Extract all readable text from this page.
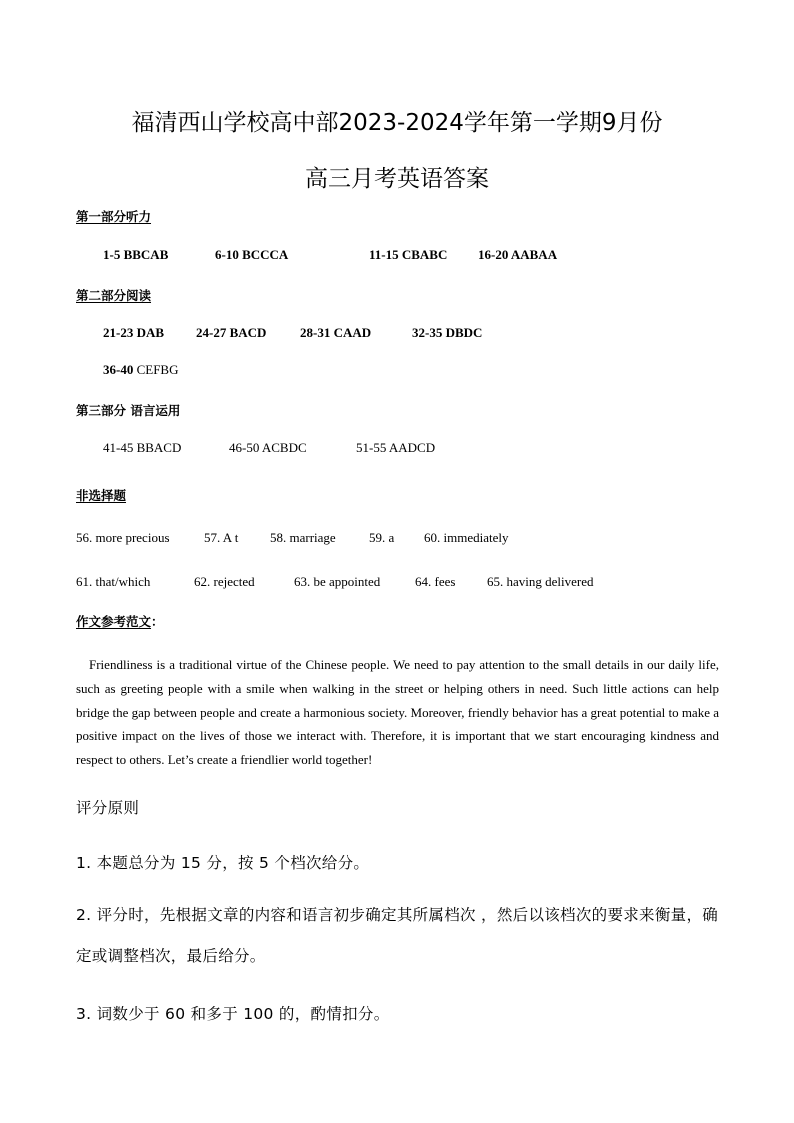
福清西山学校高中部2023-2024学年第一学期9月份
高三月考英语答案
第一部分听力
1-5 BBCAB	6-10 BCCCA	11-15 CBABC 16-20 AABAA
第二部分阅读
21-23 DAB 24-27 BACD	28-31 CAAD	32-35 DBDC
36-40 CEFBG
第三部分 语言运用
41-45 BBACD	46-50 ACBDC	51-55 AADCD
非选择题
56. more precious	57. A t 58. marriage	59. a 60. immediately
61. that/which	62. rejected	63. be appointed	64. fees 65. having delivered
作文参考范文：
Friendliness is a traditional virtue of the Chinese people. We need to pay attention to the small details in our daily life, such as greeting people with a smile when walking in the street or helping others in need. Such little actions can help bridge the gap between people and create a harmonious society. Moreover, friendly behavior has a great potential to make a positive impact on the lives of those we interact with. Therefore, it is important that we start encouraging kindness and respect to others. Let’s create a friendlier world together!
评分原则
1. 本题总分为 15 分，按 5 个档次给分。
2. 评分时，先根据文章的内容和语言初步确定其所属档次 ，然后以该档次的要求来衡量，确定或调整档次，最后给分。
3. 词数少于 60 和多于 100 的，酌情扣分。
